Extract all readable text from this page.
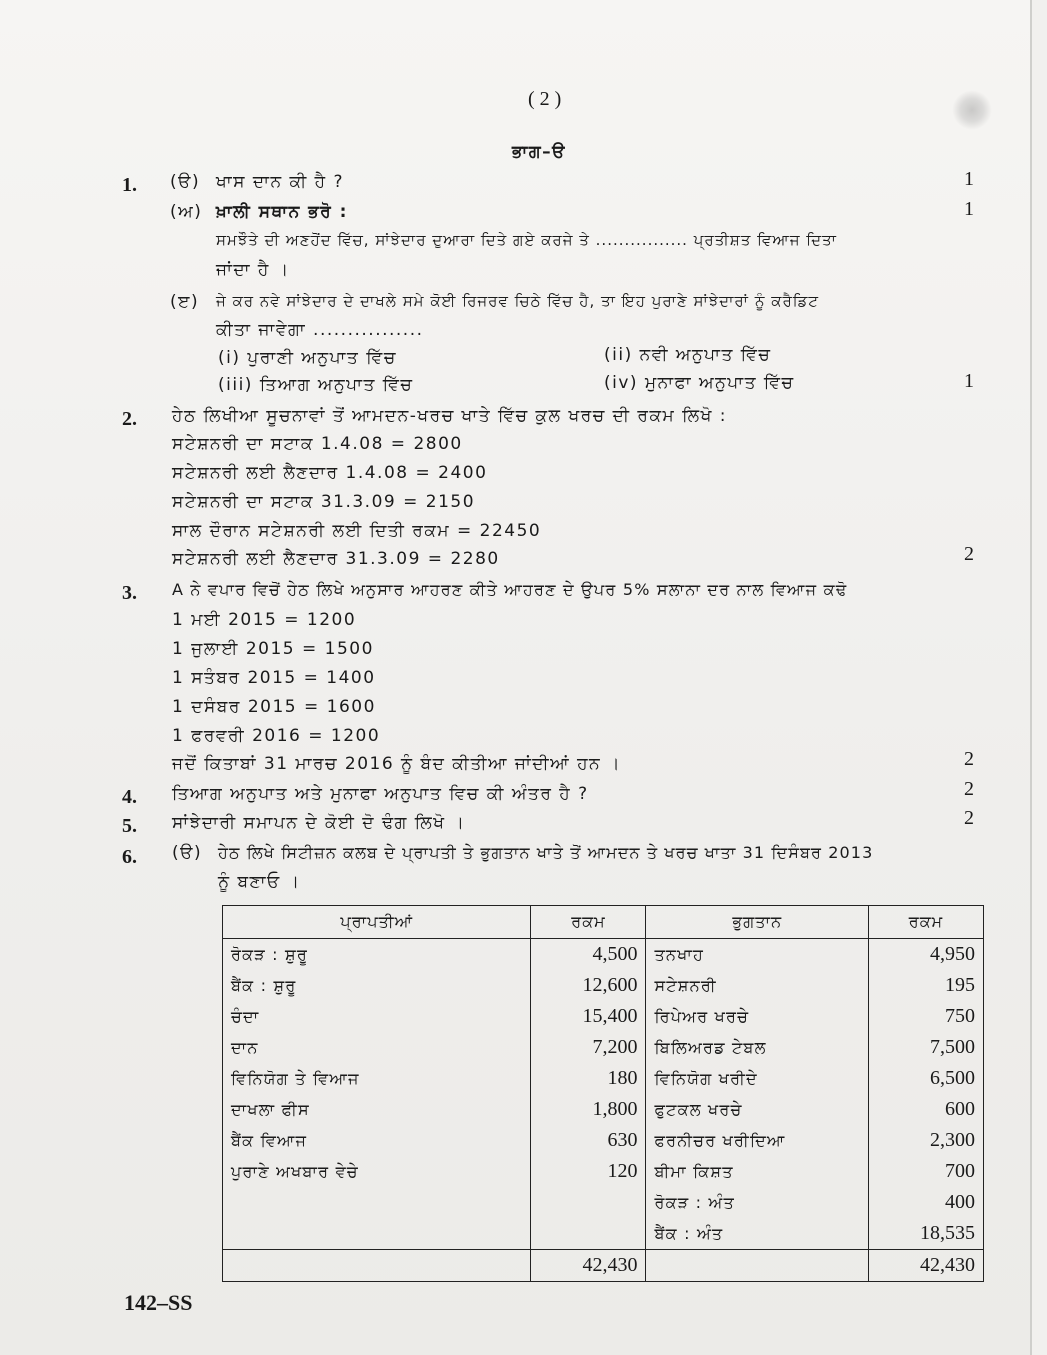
( 2 )
ਭਾਗ–ੳ
1. (ੳ) ਖਾਸ ਦਾਨ ਕੀ ਹੈ ?	1
(ਅ) ਖ਼ਾਲੀ ਸਥਾਨ ਭਰੋ :	1
ਸਮਝੌਤੇ ਦੀ ਅਣਹੋਂਦ ਵਿੱਚ, ਸਾਂਝੇਦਾਰ ਦੁਆਰਾ ਦਿਤੇ ਗਏ ਕਰਜੇ ਤੇ ................ ਪ੍ਰਤੀਸ਼ਤ ਵਿਆਜ ਦਿਤਾ
ਜਾਂਦਾ ਹੈ ।
(ੲ) ਜੇ ਕਰ ਨਵੇ ਸਾਂਝੇਦਾਰ ਦੇ ਦਾਖਲੇ ਸਮੇ ਕੋਈ ਰਿਜਰਵ ਚਿਠੇ ਵਿੱਚ ਹੈ, ਤਾ ਇਹ ਪੁਰਾਣੇ ਸਾਂਝੇਦਾਰਾਂ ਨੂੰ ਕਰੈਡਿਟ
ਕੀਤਾ ਜਾਵੇਗਾ ................
(i) ਪੁਰਾਣੀ ਅਨੁਪਾਤ ਵਿੱਚ	(ii) ਨਵੀ ਅਨੁਪਾਤ ਵਿੱਚ
(iii) ਤਿਆਗ ਅਨੁਪਾਤ ਵਿੱਚ	(iv) ਮੁਨਾਫਾ ਅਨੁਪਾਤ ਵਿੱਚ	1
2. ਹੇਠ ਲਿਖੀਆ ਸੂਚਨਾਵਾਂ ਤੋਂ ਆਮਦਨ-ਖਰਚ ਖਾਤੇ ਵਿੱਚ ਕੁਲ ਖਰਚ ਦੀ ਰਕਮ ਲਿਖੋ :
ਸਟੇਸ਼ਨਰੀ ਦਾ ਸਟਾਕ 1.4.08 = 2800
ਸਟੇਸ਼ਨਰੀ ਲਈ ਲੈਣਦਾਰ 1.4.08 = 2400
ਸਟੇਸ਼ਨਰੀ ਦਾ ਸਟਾਕ 31.3.09 = 2150
ਸਾਲ ਦੌਰਾਨ ਸਟੇਸ਼ਨਰੀ ਲਈ ਦਿਤੀ ਰਕਮ = 22450
ਸਟੇਸ਼ਨਰੀ ਲਈ ਲੈਣਦਾਰ 31.3.09 = 2280	2
3. A ਨੇ ਵਪਾਰ ਵਿਚੋਂ ਹੇਠ ਲਿਖੇ ਅਨੁਸਾਰ ਆਹਰਣ ਕੀਤੇ ਆਹਰਣ ਦੇ ਉਪਰ 5% ਸਲਾਨਾ ਦਰ ਨਾਲ ਵਿਆਜ ਕਢੋ
1 ਮਈ 2015 = 1200
1 ਜੁਲਾਈ 2015 = 1500
1 ਸਤੰਬਰ 2015 = 1400
1 ਦਸੰਬਰ 2015 = 1600
1 ਫਰਵਰੀ 2016 = 1200
ਜਦੋਂ ਕਿਤਾਬਾਂ 31 ਮਾਰਚ 2016 ਨੂੰ ਬੰਦ ਕੀਤੀਆ ਜਾਂਦੀਆਂ ਹਨ ।	2
4. ਤਿਆਗ ਅਨੁਪਾਤ ਅਤੇ ਮੁਨਾਫਾ ਅਨੁਪਾਤ ਵਿਚ ਕੀ ਅੰਤਰ ਹੈ ?	2
5. ਸਾਂਝੇਦਾਰੀ ਸਮਾਪਨ ਦੇ ਕੋਈ ਦੋ ਢੰਗ ਲਿਖੋ ।	2
6. (ੳ) ਹੇਠ ਲਿਖੇ ਸਿਟੀਜ਼ਨ ਕਲਬ ਦੇ ਪ੍ਰਾਪਤੀ ਤੇ ਭੁਗਤਾਨ ਖਾਤੇ ਤੋਂ ਆਮਦਨ ਤੇ ਖਰਚ ਖਾਤਾ 31 ਦਿਸੰਬਰ 2013
ਨੂੰ ਬਣਾਓ ।
ਪ੍ਰਾਪਤੀਆਂ	ਰਕਮ	ਭੁਗਤਾਨ	ਰਕਮ
ਰੋਕੜ : ਸ਼ੁਰੂ	4,500	ਤਨਖਾਹ	4,950
ਬੈਂਕ : ਸ਼ੁਰੂ	12,600	ਸਟੇਸ਼ਨਰੀ	195
ਚੰਦਾ	15,400	ਰਿਪੇਅਰ ਖਰਚੇ	750
ਦਾਨ	7,200	ਬਿਲਿਅਰਡ ਟੇਬਲ	7,500
ਵਿਨਿਯੋਗ ਤੇ ਵਿਆਜ	180	ਵਿਨਿਯੋਗ ਖਰੀਦੇ	6,500
ਦਾਖਲਾ ਫੀਸ	1,800	ਫੁਟਕਲ ਖਰਚੇ	600
ਬੈਂਕ ਵਿਆਜ	630	ਫਰਨੀਚਰ ਖਰੀਦਿਆ	2,300
ਪੁਰਾਣੇ ਅਖਬਾਰ ਵੇਚੇ	120	ਬੀਮਾ ਕਿਸ਼ਤ	700
		ਰੋਕੜ : ਅੰਤ	400
		ਬੈਂਕ : ਅੰਤ	18,535
	42,430		42,430
142–SS
